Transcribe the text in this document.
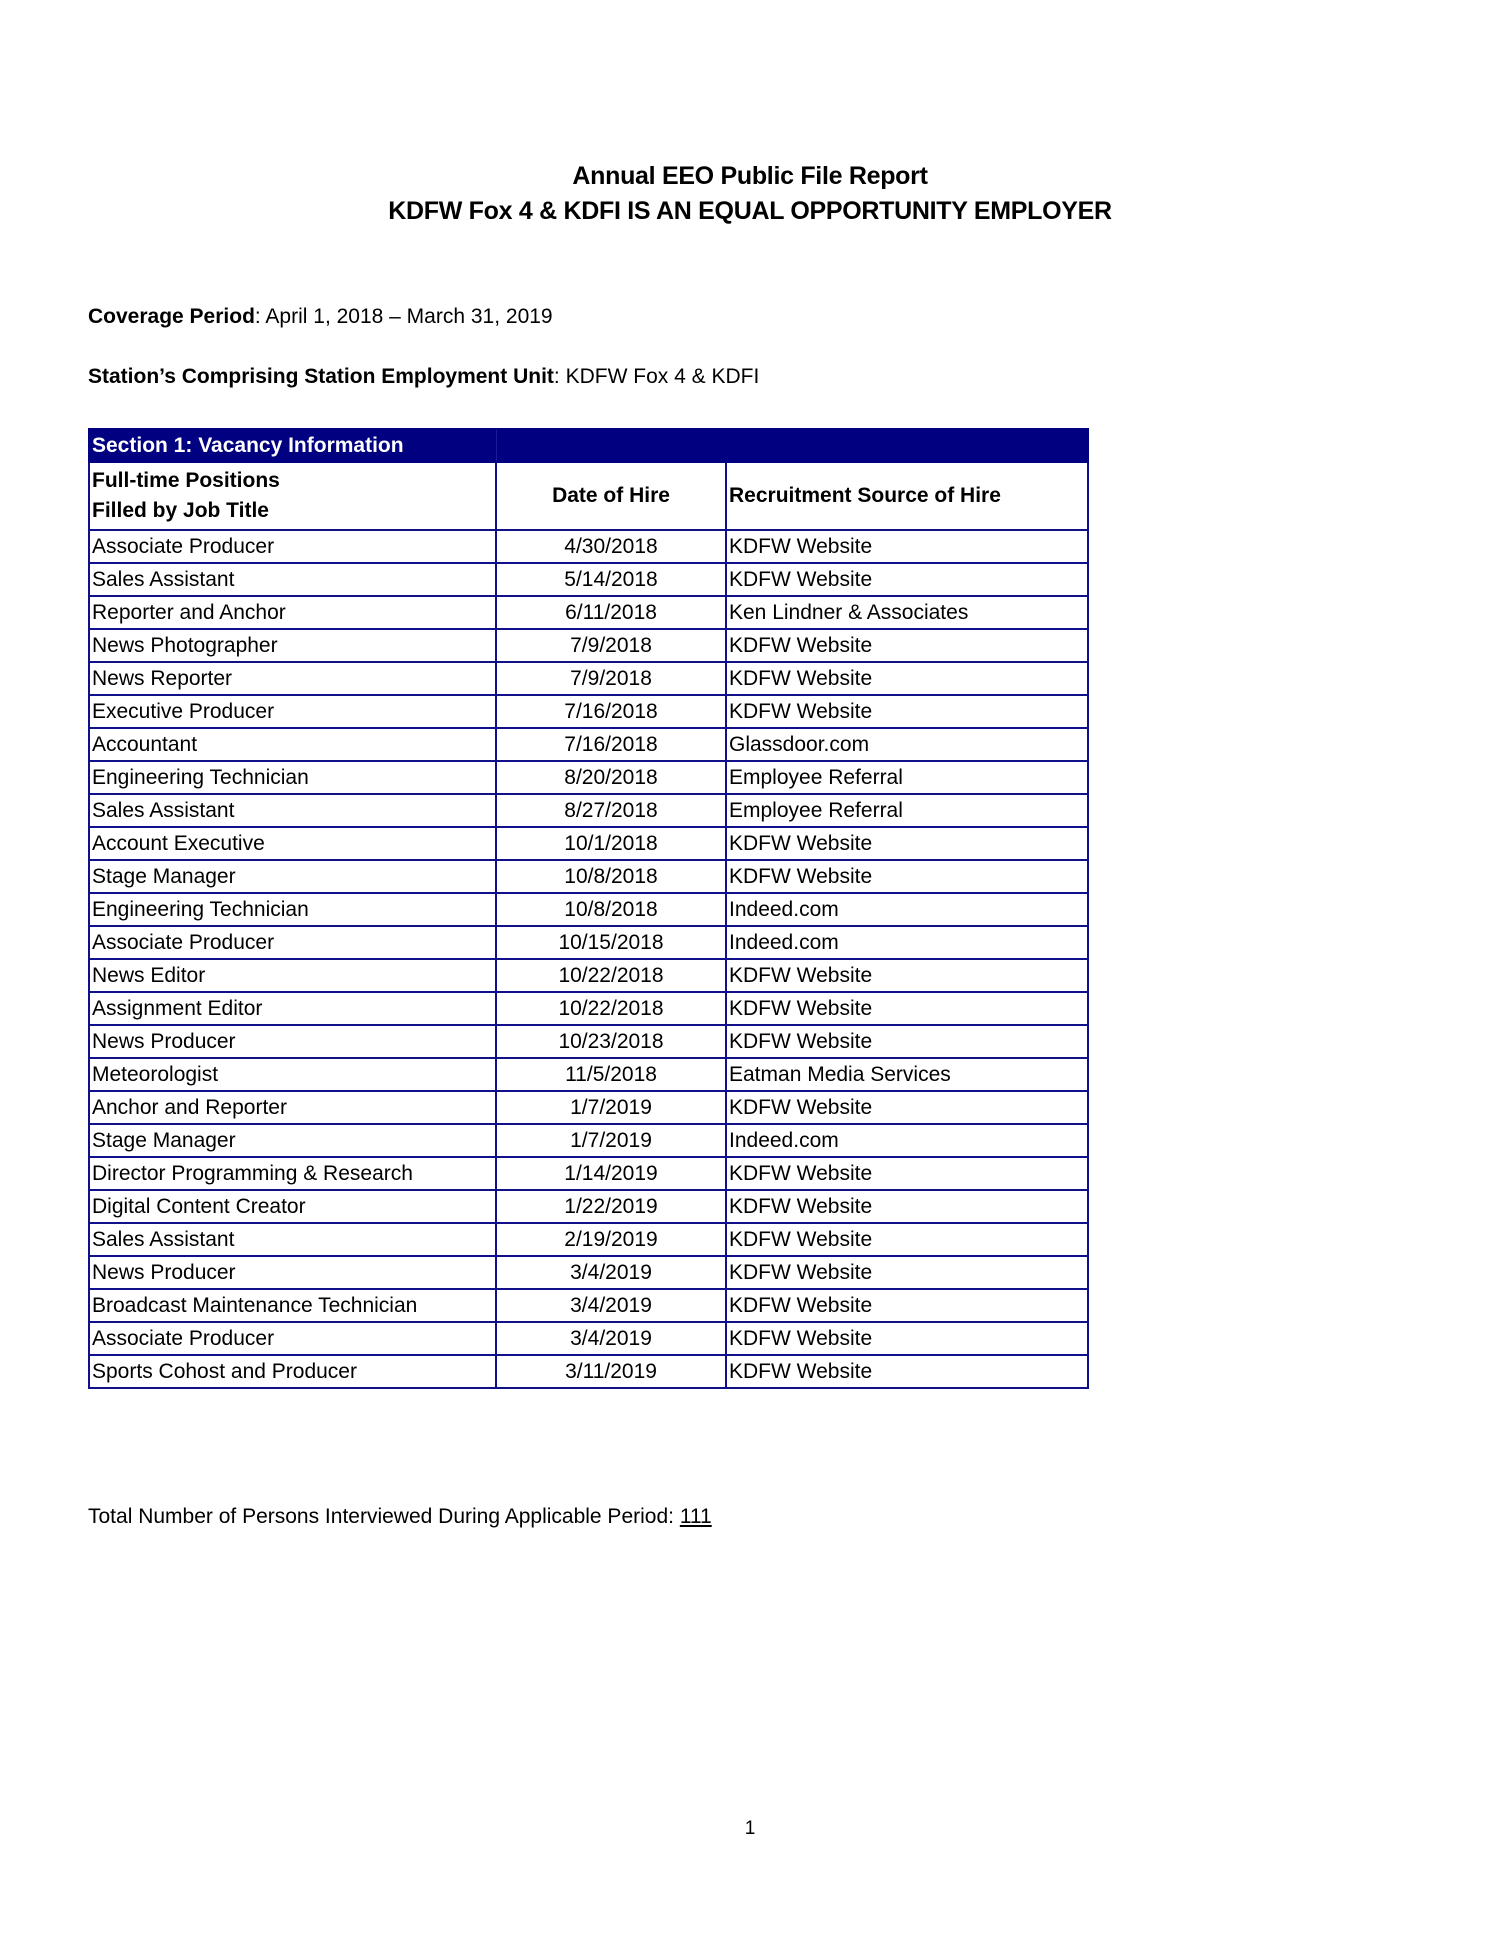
Annual EEO Public File Report
KDFW Fox 4 & KDFI IS AN EQUAL OPPORTUNITY EMPLOYER
Coverage Period: April 1, 2018 – March 31, 2019
Station’s Comprising Station Employment Unit: KDFW Fox 4 & KDFI
Section 1: Vacancy Information		

Full-time Positions
Filled by Job Title	Date of Hire	Recruitment Source of Hire
Associate Producer	4/30/2018	KDFW Website
Sales Assistant	5/14/2018	KDFW Website
Reporter and Anchor	6/11/2018	Ken Lindner & Associates
News Photographer	7/9/2018	KDFW Website
News Reporter	7/9/2018	KDFW Website
Executive Producer	7/16/2018	KDFW Website
Accountant	7/16/2018	Glassdoor.com
Engineering Technician	8/20/2018	Employee Referral
Sales Assistant	8/27/2018	Employee Referral
Account Executive	10/1/2018	KDFW Website
Stage Manager	10/8/2018	KDFW Website
Engineering Technician	10/8/2018	Indeed.com
Associate Producer	10/15/2018	Indeed.com
News Editor	10/22/2018	KDFW Website
Assignment Editor	10/22/2018	KDFW Website
News Producer	10/23/2018	KDFW Website
Meteorologist	11/5/2018	Eatman Media Services
Anchor and Reporter	1/7/2019	KDFW Website
Stage Manager	1/7/2019	Indeed.com
Director Programming & Research	1/14/2019	KDFW Website
Digital Content Creator	1/22/2019	KDFW Website
Sales Assistant	2/19/2019	KDFW Website
News Producer	3/4/2019	KDFW Website
Broadcast Maintenance Technician	3/4/2019	KDFW Website
Associate Producer	3/4/2019	KDFW Website
Sports Cohost and Producer	3/11/2019	KDFW Website
Total Number of Persons Interviewed During Applicable Period: 111
1
